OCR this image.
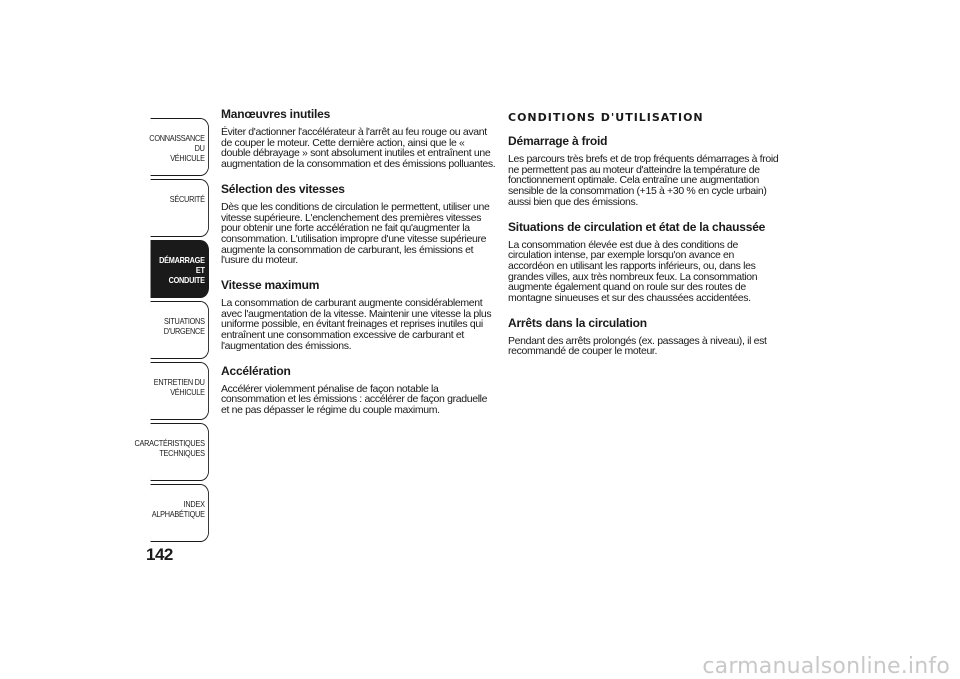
CONNAISSANCE DU
VÉHICULE
SÉCURITÉ
DÉMARRAGE ET
CONDUITE
SITUATIONS
D'URGENCE
ENTRETIEN DU
VÉHICULE
CARACTÉRISTIQUES
TECHNIQUES
INDEX
ALPHABÉTIQUE
142
Manœuvres inutiles

Éviter d'actionner l'accélérateur à l'arrêt au feu rouge ou avant de couper le moteur. Cette dernière action, ainsi que le « double débrayage » sont absolument inutiles et entraînent une augmentation de la consommation et des émissions polluantes.

Sélection des vitesses

Dès que les conditions de circulation le permettent, utiliser une vitesse supérieure. L'enclenchement des premières vitesses pour obtenir une forte accélération ne fait qu'augmenter la consommation. L'utilisation impropre d'une vitesse supérieure augmente la consommation de carburant, les émissions et l'usure du moteur.

Vitesse maximum

La consommation de carburant augmente considérablement avec l'augmentation de la vitesse. Maintenir une vitesse la plus uniforme possible, en évitant freinages et reprises inutiles qui entraînent une consommation excessive de carburant et l'augmentation des émissions.

Accélération

Accélérer violemment pénalise de façon notable la consommation et les émissions : accélérer de façon graduelle et ne pas dépasser le régime du couple maximum.

CONDITIONS D'UTILISATION
Démarrage à froid

Les parcours très brefs et de trop fréquents démarrages à froid ne permettent pas au moteur d'atteindre la température de fonctionnement optimale. Cela entraîne une augmentation sensible de la consommation (+15 à +30 % en cycle urbain) aussi bien que des émissions.

Situations de circulation et état de la chaussée

La consommation élevée est due à des conditions de circulation intense, par exemple lorsqu'on avance en accordéon en utilisant les rapports inférieurs, ou, dans les grandes villes, aux très nombreux feux. La consommation augmente également quand on roule sur des routes de montagne sinueuses et sur des chaussées accidentées.

Arrêts dans la circulation

Pendant des arrêts prolongés (ex. passages à niveau), il est recommandé de couper le moteur.

carmanualsonline.info
